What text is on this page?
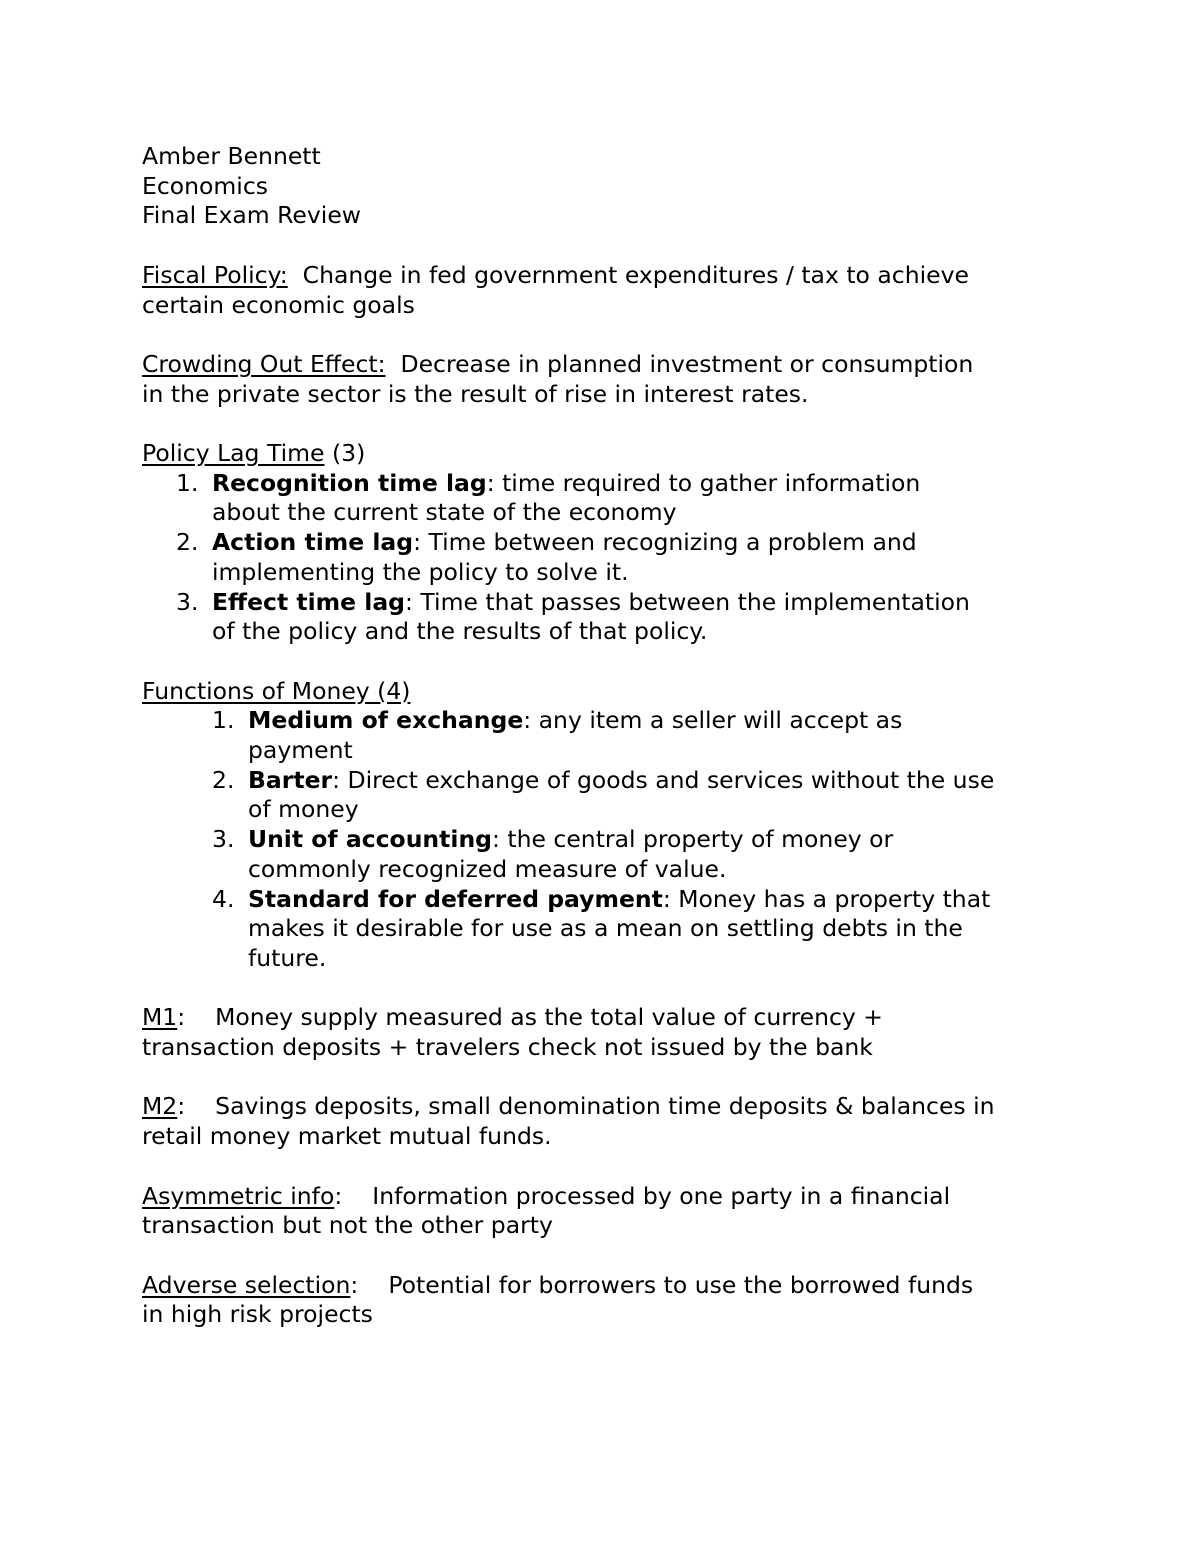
Amber Bennett

Economics

Final Exam Review

Fiscal Policy: Change in fed government expenditures / tax to achieve

certain economic goals

Crowding Out Effect: Decrease in planned investment or consumption

in the private sector is the result of rise in interest rates.

Policy Lag Time (3)

1. Recognition time lag: time required to gather information
about the current state of the economy
2. Action time lag: Time between recognizing a problem and
implementing the policy to solve it.
3. Effect time lag: Time that passes between the implementation
of the policy and the results of that policy.

Functions of Money (4)

1. Medium of exchange: any item a seller will accept as
payment
2. Barter: Direct exchange of goods and services without the use
of money
3. Unit of accounting: the central property of money or
commonly recognized measure of value.
4. Standard for deferred payment: Money has a property that
makes it desirable for use as a mean on settling debts in the
future.

M1: Money supply measured as the total value of currency +

transaction deposits + travelers check not issued by the bank

M2: Savings deposits, small denomination time deposits & balances in

retail money market mutual funds.

Asymmetric info: Information processed by one party in a financial

transaction but not the other party

Adverse selection: Potential for borrowers to use the borrowed funds

in high risk projects
